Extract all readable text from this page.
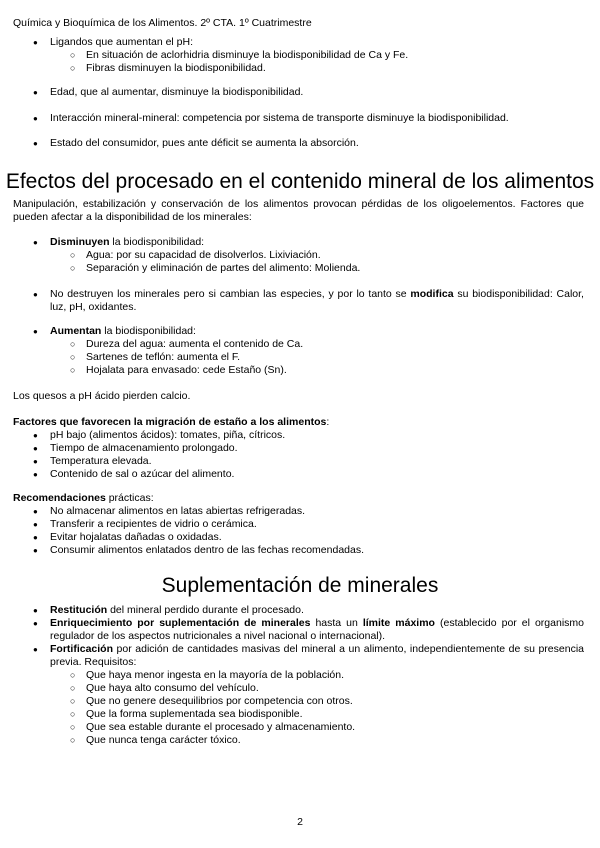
Química y Bioquímica de los Alimentos. 2º CTA. 1º Cuatrimestre
● Ligandos que aumentan el pH:
○ En situación de aclorhidria disminuye la biodisponibilidad de Ca y Fe.
○ Fibras disminuyen la biodisponibilidad.
● Edad, que al aumentar, disminuye la biodisponibilidad.
● Interacción mineral-mineral: competencia por sistema de transporte disminuye la biodisponibilidad.
● Estado del consumidor, pues ante déficit se aumenta la absorción.
Efectos del procesado en el contenido mineral de los alimentos
Manipulación, estabilización y conservación de los alimentos provocan pérdidas de los oligoelementos. Factores que pueden afectar a la disponibilidad de los minerales:
● Disminuyen la biodisponibilidad:
○ Agua: por su capacidad de disolverlos. Lixiviación.
○ Separación y eliminación de partes del alimento: Molienda.
● No destruyen los minerales pero si cambian las especies, y por lo tanto se modifica su biodisponibilidad: Calor, luz, pH, oxidantes.
● Aumentan la biodisponibilidad:
○ Dureza del agua: aumenta el contenido de Ca.
○ Sartenes de teflón: aumenta el F.
○ Hojalata para envasado: cede Estaño (Sn).
Los quesos a pH ácido pierden calcio.
Factores que favorecen la migración de estaño a los alimentos:
● pH bajo (alimentos ácidos): tomates, piña, cítricos.
● Tiempo de almacenamiento prolongado.
● Temperatura elevada.
● Contenido de sal o azúcar del alimento.
Recomendaciones prácticas:
● No almacenar alimentos en latas abiertas refrigeradas.
● Transferir a recipientes de vidrio o cerámica.
● Evitar hojalatas dañadas o oxidadas.
● Consumir alimentos enlatados dentro de las fechas recomendadas.
Suplementación de minerales
● Restitución del mineral perdido durante el procesado.
● Enriquecimiento por suplementación de minerales hasta un límite máximo (establecido por el organismo regulador de los aspectos nutricionales a nivel nacional o internacional).
● Fortificación por adición de cantidades masivas del mineral a un alimento, independientemente de su presencia previa. Requisitos:
○ Que haya menor ingesta en la mayoría de la población.
○ Que haya alto consumo del vehículo.
○ Que no genere desequilibrios por competencia con otros.
○ Que la forma suplementada sea biodisponible.
○ Que sea estable durante el procesado y almacenamiento.
○ Que nunca tenga carácter tóxico.
2
